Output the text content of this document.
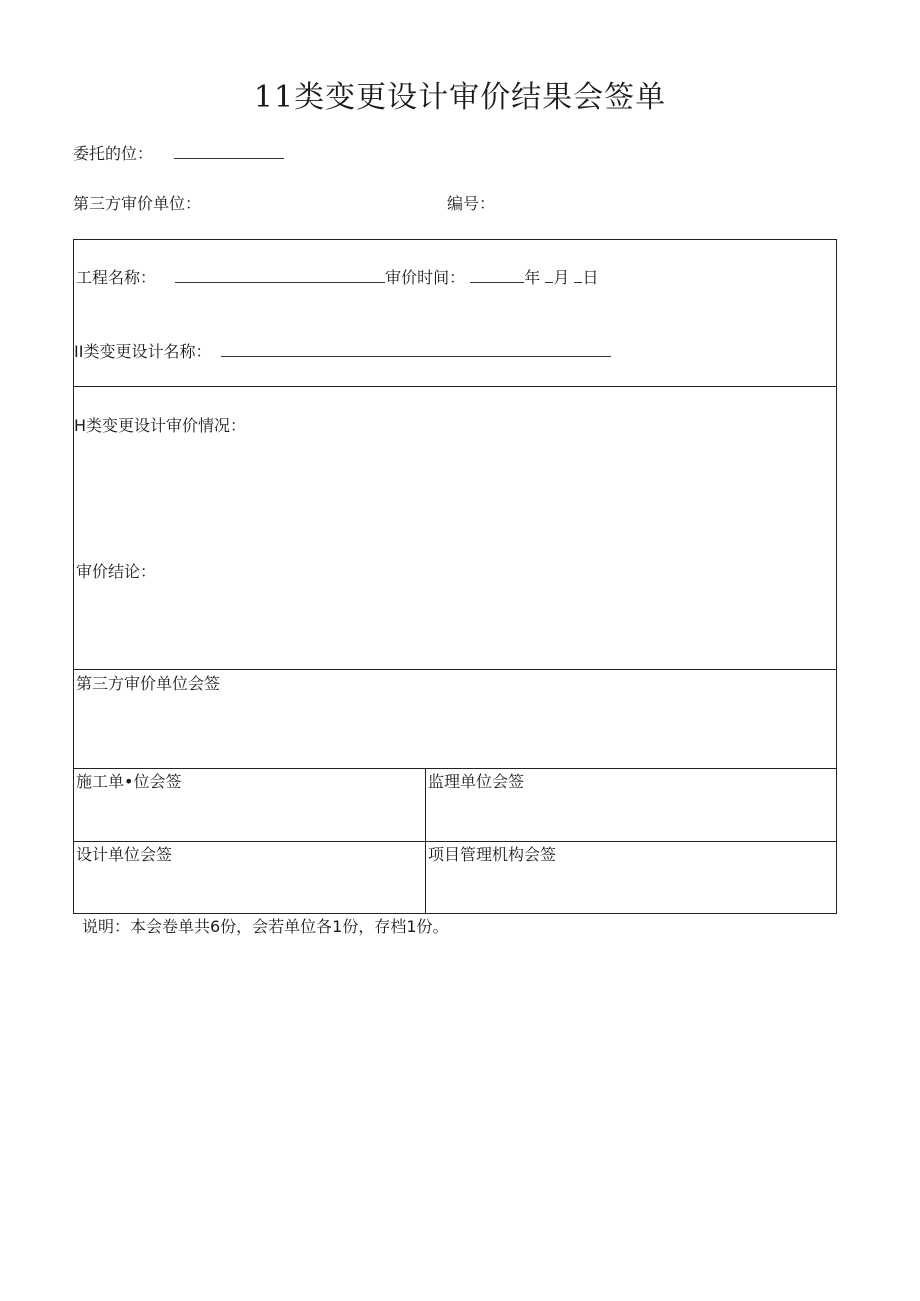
11类变更设计审价结果会签单
委托的位：
第三方审价单位：	编号：
工程名称：	审价时间：	年 月 日
II类变更设计名称：
H类变更设计审价情况：
审价结论：
第三方审价单位会签
施工单•位会签	监理单位会签
设计单位会签	项目管理机构会签
说明：本会卷单共6份，会若单位各1份，存档1份。
